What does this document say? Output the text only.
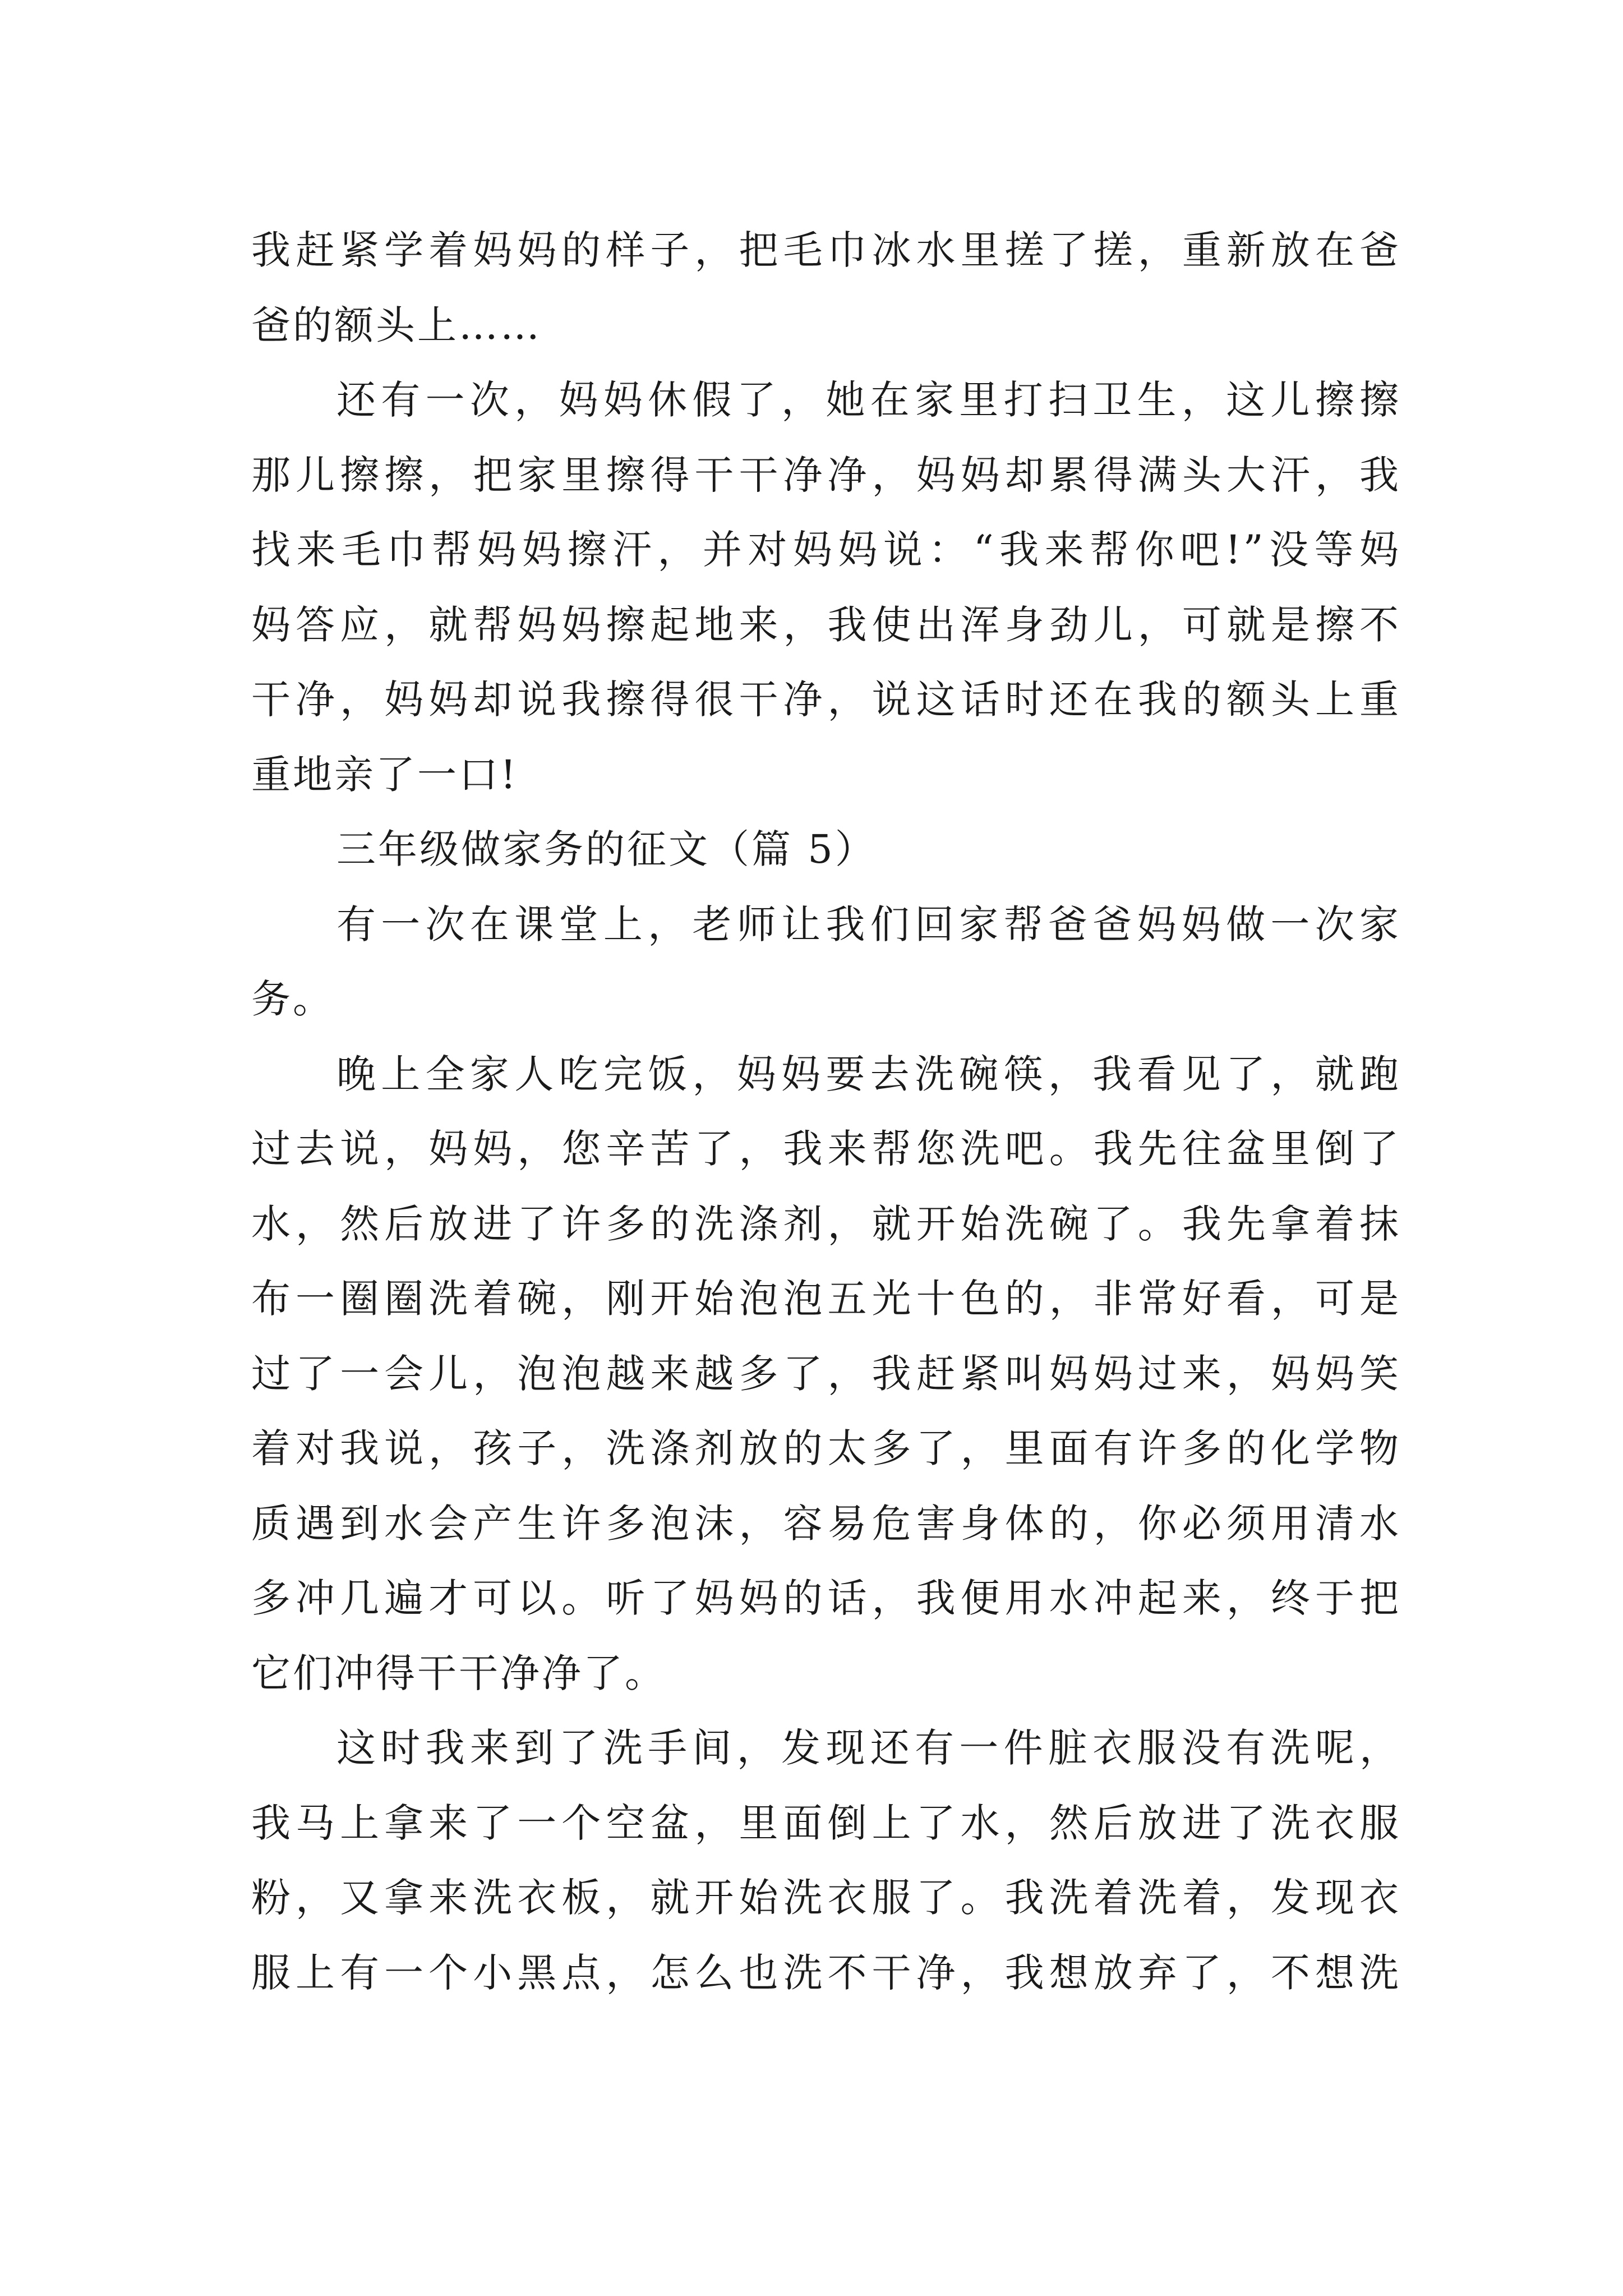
我赶紧学着妈妈的样子，把毛巾冰水里搓了搓，重新放在爸
爸的额头上……
还有一次，妈妈休假了，她在家里打扫卫生，这儿擦擦
那儿擦擦，把家里擦得干干净净，妈妈却累得满头大汗，我
找来毛巾帮妈妈擦汗，并对妈妈说：“我来帮你吧!”没等妈
妈答应，就帮妈妈擦起地来，我使出浑身劲儿，可就是擦不
干净，妈妈却说我擦得很干净，说这话时还在我的额头上重
重地亲了一口!
三年级做家务的征文（篇 5）
有一次在课堂上，老师让我们回家帮爸爸妈妈做一次家
务。
晚上全家人吃完饭，妈妈要去洗碗筷，我看见了，就跑
过去说，妈妈，您辛苦了，我来帮您洗吧。我先往盆里倒了
水，然后放进了许多的洗涤剂，就开始洗碗了。我先拿着抹
布一圈圈洗着碗，刚开始泡泡五光十色的，非常好看，可是
过了一会儿，泡泡越来越多了，我赶紧叫妈妈过来，妈妈笑
着对我说，孩子，洗涤剂放的太多了，里面有许多的化学物
质遇到水会产生许多泡沫，容易危害身体的，你必须用清水
多冲几遍才可以。听了妈妈的话，我便用水冲起来，终于把
它们冲得干干净净了。
这时我来到了洗手间，发现还有一件脏衣服没有洗呢，
我马上拿来了一个空盆，里面倒上了水，然后放进了洗衣服
粉，又拿来洗衣板，就开始洗衣服了。我洗着洗着，发现衣
服上有一个小黑点，怎么也洗不干净，我想放弃了，不想洗
